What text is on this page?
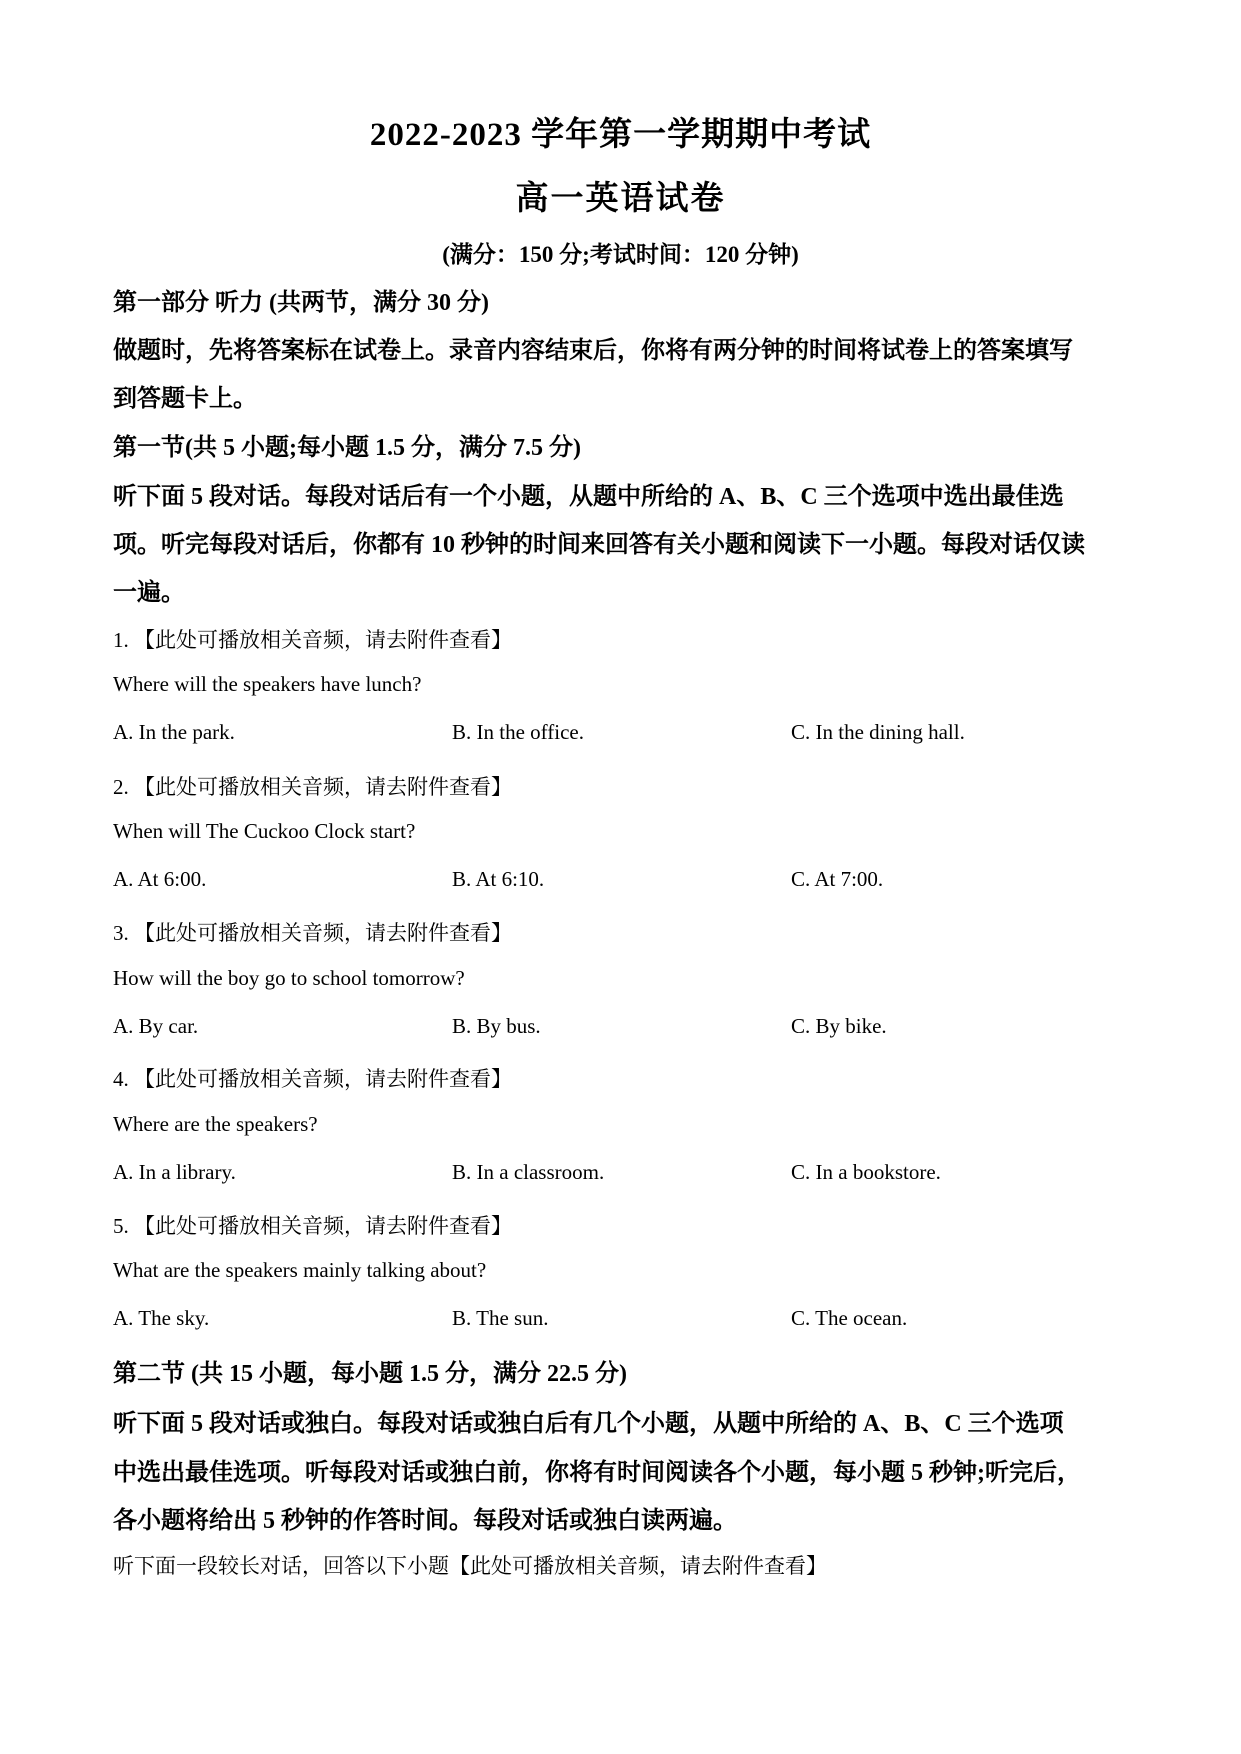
2022-2023 学年第一学期期中考试
高一英语试卷
(满分：150 分;考试时间：120 分钟)
第一部分 听力 (共两节，满分 30 分)
做题时，先将答案标在试卷上。录音内容结束后，你将有两分钟的时间将试卷上的答案填写
到答题卡上。
第一节(共 5 小题;每小题 1.5 分，满分 7.5 分)
听下面 5 段对话。每段对话后有一个小题，从题中所给的 A、B、C 三个选项中选出最佳选
项。听完每段对话后，你都有 10 秒钟的时间来回答有关小题和阅读下一小题。每段对话仅读
一遍。
1. 【此处可播放相关音频，请去附件查看】
Where will the speakers have lunch?
A. In the park.	B. In the office.	C. In the dining hall.
2. 【此处可播放相关音频，请去附件查看】
When will The Cuckoo Clock start?
A. At 6:00.	B. At 6:10.	C. At 7:00.
3. 【此处可播放相关音频，请去附件查看】
How will the boy go to school tomorrow?
A. By car.	B. By bus.	C. By bike.
4. 【此处可播放相关音频，请去附件查看】
Where are the speakers?
A. In a library.	B. In a classroom.	C. In a bookstore.
5. 【此处可播放相关音频，请去附件查看】
What are the speakers mainly talking about?
A. The sky.	B. The sun.	C. The ocean.
第二节 (共 15 小题，每小题 1.5 分，满分 22.5 分)
听下面 5 段对话或独白。每段对话或独白后有几个小题，从题中所给的 A、B、C 三个选项
中选出最佳选项。听每段对话或独白前，你将有时间阅读各个小题，每小题 5 秒钟;听完后，
各小题将给出 5 秒钟的作答时间。每段对话或独白读两遍。
听下面一段较长对话，回答以下小题【此处可播放相关音频，请去附件查看】
